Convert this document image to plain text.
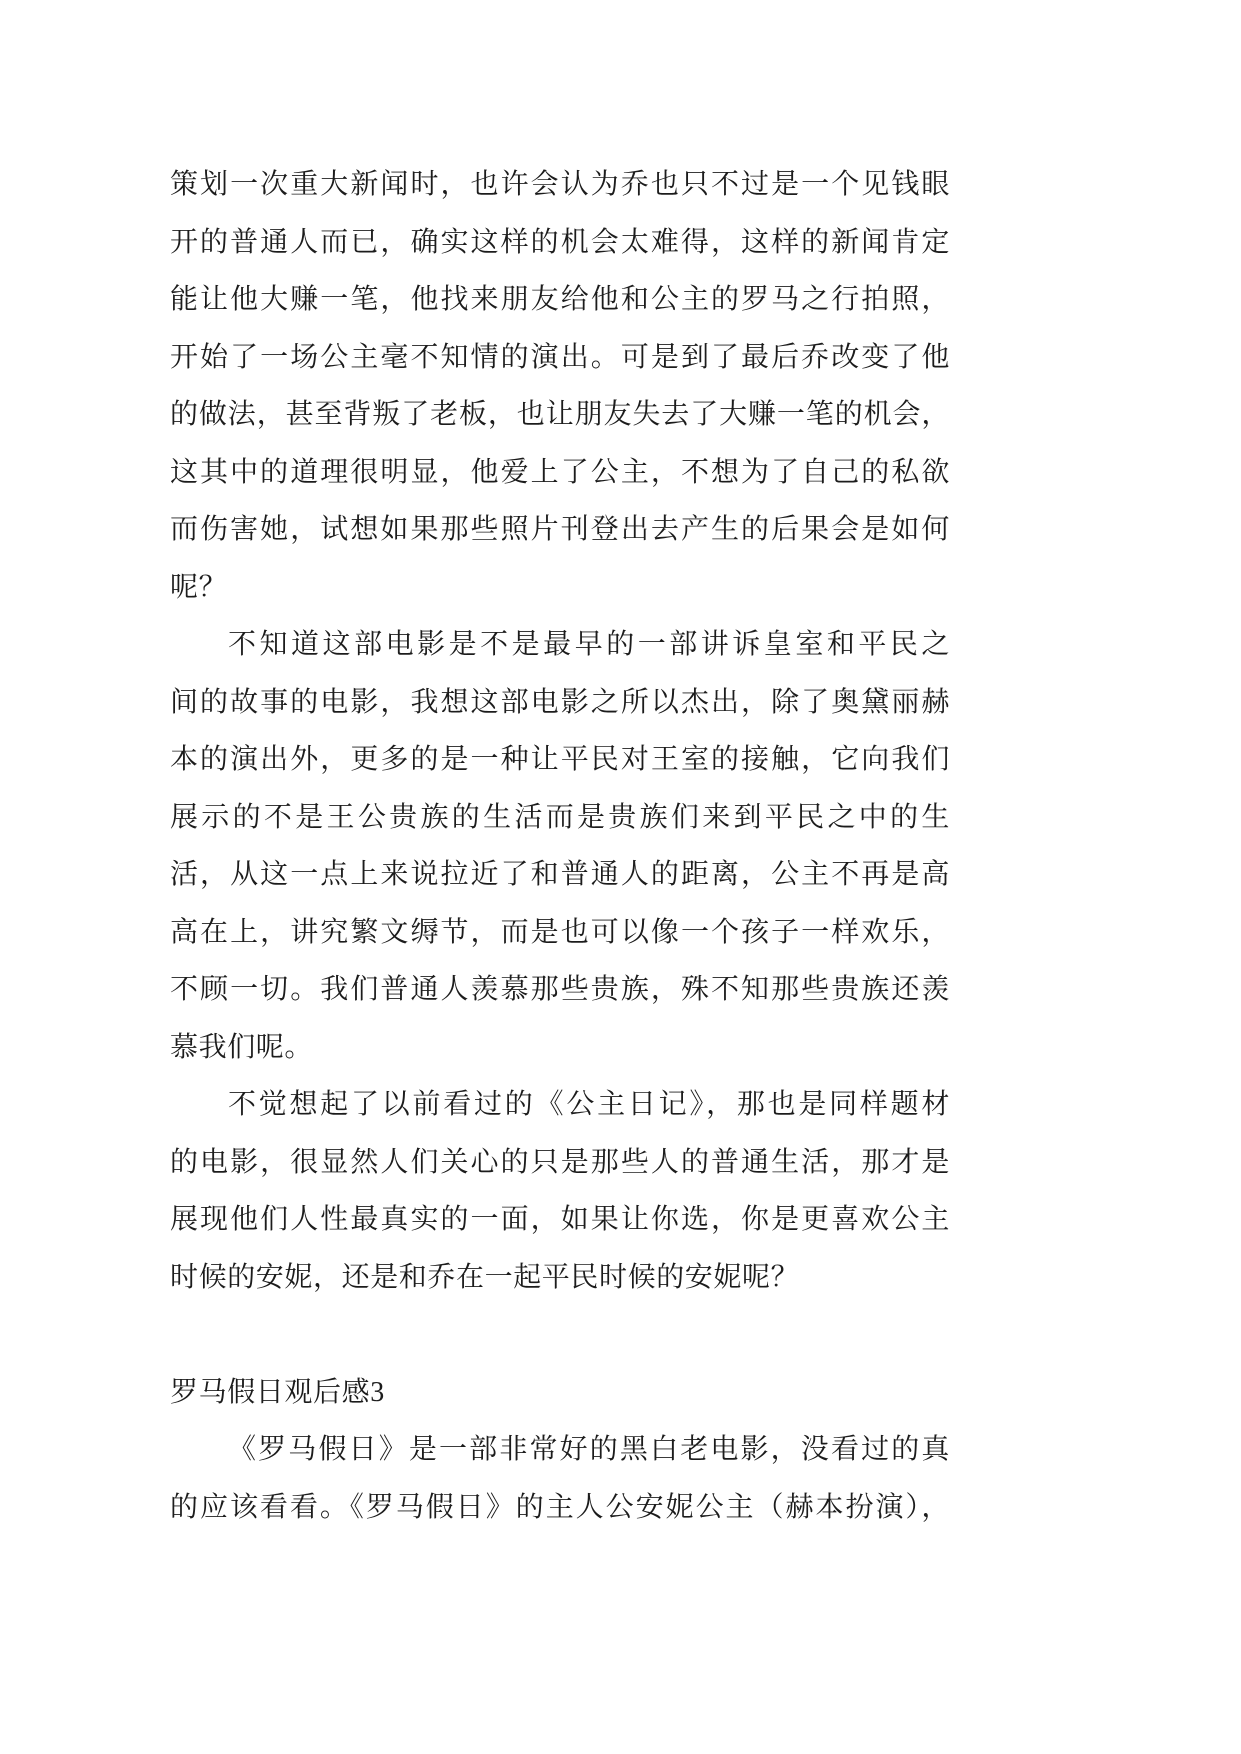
策划一次重大新闻时，也许会认为乔也只不过是一个见钱眼
开的普通人而已，确实这样的机会太难得，这样的新闻肯定
能让他大赚一笔，他找来朋友给他和公主的罗马之行拍照，
开始了一场公主毫不知情的演出。可是到了最后乔改变了他
的做法，甚至背叛了老板，也让朋友失去了大赚一笔的机会，
这其中的道理很明显，他爱上了公主，不想为了自己的私欲
而伤害她，试想如果那些照片刊登出去产生的后果会是如何
呢？
不知道这部电影是不是最早的一部讲诉皇室和平民之
间的故事的电影，我想这部电影之所以杰出，除了奥黛丽赫
本的演出外，更多的是一种让平民对王室的接触，它向我们
展示的不是王公贵族的生活而是贵族们来到平民之中的生
活，从这一点上来说拉近了和普通人的距离，公主不再是高
高在上，讲究繁文缛节，而是也可以像一个孩子一样欢乐，
不顾一切。我们普通人羡慕那些贵族，殊不知那些贵族还羡
慕我们呢。
不觉想起了以前看过的《公主日记》，那也是同样题材
的电影，很显然人们关心的只是那些人的普通生活，那才是
展现他们人性最真实的一面，如果让你选，你是更喜欢公主
时候的安妮，还是和乔在一起平民时候的安妮呢？
罗马假日观后感3
《罗马假日》是一部非常好的黑白老电影，没看过的真
的应该看看。《罗马假日》的主人公安妮公主（赫本扮演），
